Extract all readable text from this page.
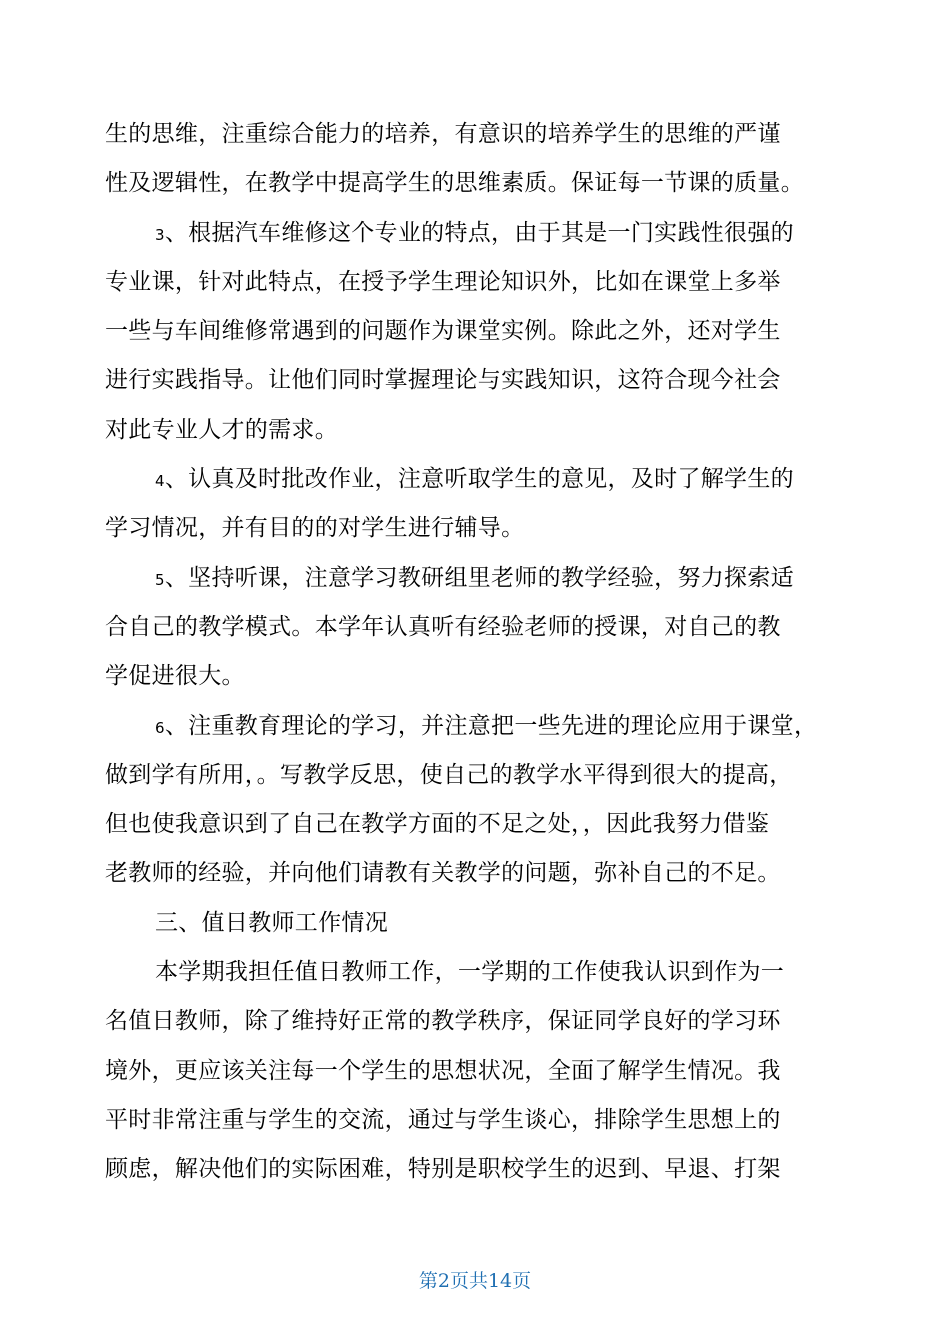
生的思维，注重综合能力的培养，有意识的培养学生的思维的严谨
性及逻辑性，在教学中提高学生的思维素质。保证每一节课的质量。
3、根据汽车维修这个专业的特点，由于其是一门实践性很强的
专业课，针对此特点，在授予学生理论知识外，比如在课堂上多举
一些与车间维修常遇到的问题作为课堂实例。除此之外，还对学生
进行实践指导。让他们同时掌握理论与实践知识，这符合现今社会
对此专业人才的需求。
4、认真及时批改作业，注意听取学生的意见，及时了解学生的
学习情况，并有目的的对学生进行辅导。
5、坚持听课，注意学习教研组里老师的教学经验，努力探索适
合自己的教学模式。本学年认真听有经验老师的授课，对自己的教
学促进很大。
6、注重教育理论的学习，并注意把一些先进的理论应用于课堂，
做到学有所用，。写教学反思，使自己的教学水平得到很大的提高，
但也使我意识到了自己在教学方面的不足之处，，因此我努力借鉴
老教师的经验，并向他们请教有关教学的问题，弥补自己的不足。
三、值日教师工作情况
本学期我担任值日教师工作，一学期的工作使我认识到作为一
名值日教师，除了维持好正常的教学秩序，保证同学良好的学习环
境外，更应该关注每一个学生的思想状况，全面了解学生情况。我
平时非常注重与学生的交流，通过与学生谈心，排除学生思想上的
顾虑，解决他们的实际困难，特别是职校学生的迟到、早退、打架
第2页共14页
